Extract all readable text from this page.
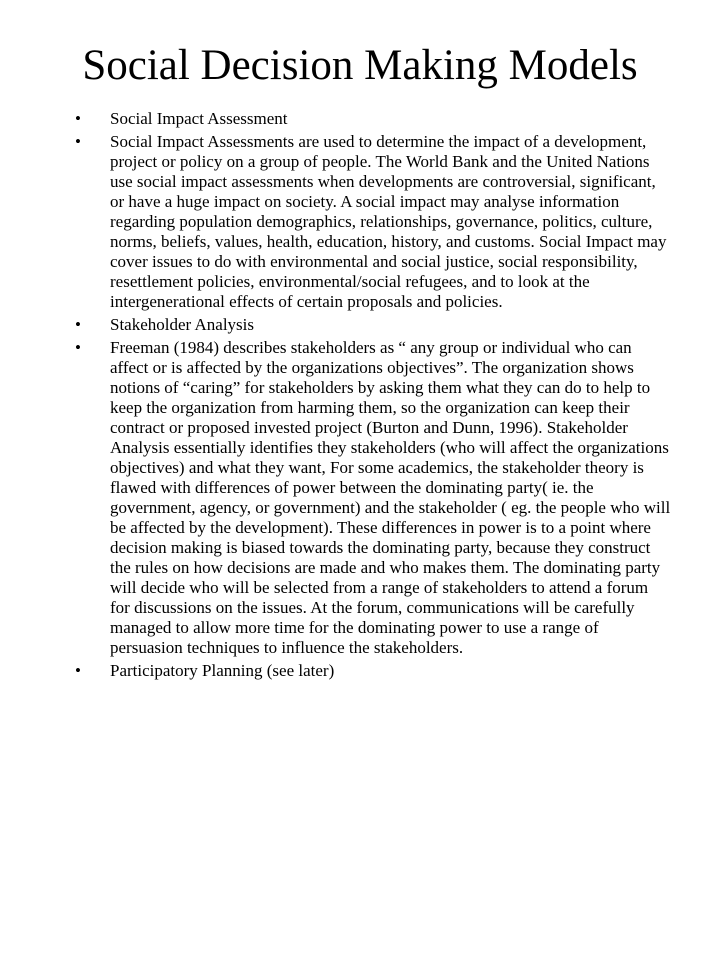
Social Decision Making Models
• Social Impact Assessment
• Social Impact Assessments are used to determine the impact of a development, project or policy on a group of people. The World Bank and the United Nations use social impact assessments when developments are controversial, significant, or have a huge impact on society. A social impact may analyse information regarding population demographics, relationships, governance, politics, culture, norms, beliefs, values, health, education, history, and customs. Social Impact may cover issues to do with environmental and social justice, social responsibility, resettlement policies, environmental/social refugees, and to look at the intergenerational effects of certain proposals and policies.
• Stakeholder Analysis
• Freeman (1984) describes stakeholders as “ any group or individual who can affect or is affected by the organizations objectives”. The organization shows notions of “caring” for stakeholders by asking them what they can do to help to keep the organization from harming them, so the organization can keep their contract or proposed invested project (Burton and Dunn, 1996). Stakeholder Analysis essentially identifies they stakeholders (who will affect the organizations objectives) and what they want, For some academics, the stakeholder theory is flawed with differences of power between the dominating party( ie. the government, agency, or government) and the stakeholder ( eg. the people who will be affected by the development). These differences in power is to a point where decision making is biased towards the dominating party, because they construct the rules on how decisions are made and who makes them. The dominating party will decide who will be selected from a range of stakeholders to attend a forum for discussions on the issues. At the forum, communications will be carefully managed to allow more time for the dominating power to use a range of persuasion techniques to influence the stakeholders.
• Participatory Planning (see later)
